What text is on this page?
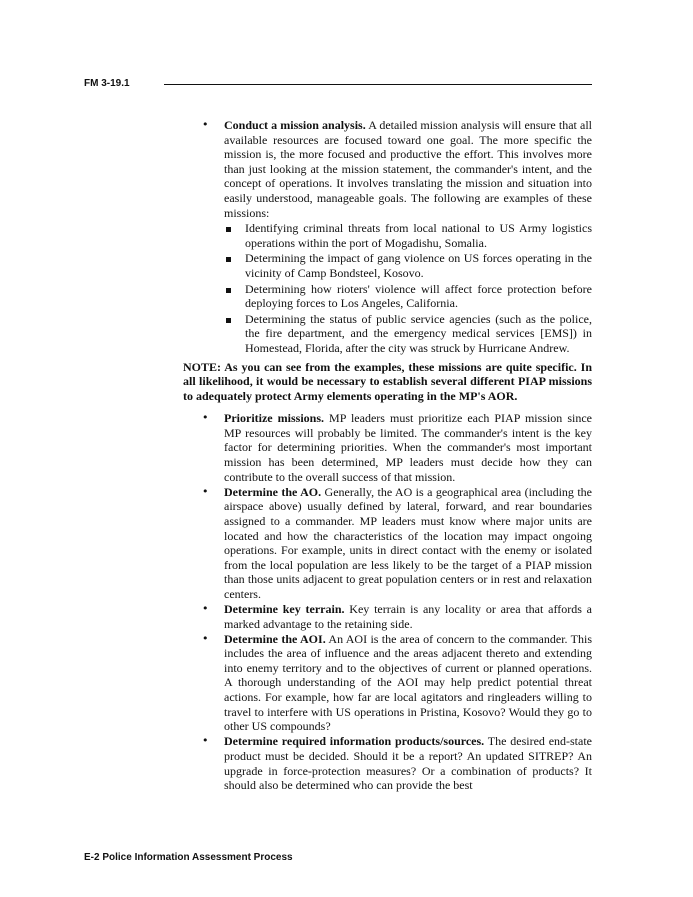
FM 3-19.1
• Conduct a mission analysis. A detailed mission analysis will ensure that all available resources are focused toward one goal. The more specific the mission is, the more focused and productive the effort. This involves more than just looking at the mission statement, the commander's intent, and the concept of operations. It involves translating the mission and situation into easily understood, manageable goals. The following are examples of these missions:
Identifying criminal threats from local national to US Army logistics operations within the port of Mogadishu, Somalia.
Determining the impact of gang violence on US forces operating in the vicinity of Camp Bondsteel, Kosovo.
Determining how rioters' violence will affect force protection before deploying forces to Los Angeles, California.
Determining the status of public service agencies (such as the police, the fire department, and the emergency medical services [EMS]) in Homestead, Florida, after the city was struck by Hurricane Andrew.

NOTE: As you can see from the examples, these missions are quite specific. In all likelihood, it would be necessary to establish several different PIAP missions to adequately protect Army elements operating in the MP's AOR.

• Prioritize missions. MP leaders must prioritize each PIAP mission since MP resources will probably be limited. The commander's intent is the key factor for determining priorities. When the commander's most important mission has been determined, MP leaders must decide how they can contribute to the overall success of that mission.
• Determine the AO. Generally, the AO is a geographical area (including the airspace above) usually defined by lateral, forward, and rear boundaries assigned to a commander. MP leaders must know where major units are located and how the characteristics of the location may impact ongoing operations. For example, units in direct contact with the enemy or isolated from the local population are less likely to be the target of a PIAP mission than those units adjacent to great population centers or in rest and relaxation centers.
• Determine key terrain. Key terrain is any locality or area that affords a marked advantage to the retaining side.
• Determine the AOI. An AOI is the area of concern to the commander. This includes the area of influence and the areas adjacent thereto and extending into enemy territory and to the objectives of current or planned operations. A thorough understanding of the AOI may help predict potential threat actions. For example, how far are local agitators and ringleaders willing to travel to interfere with US operations in Pristina, Kosovo? Would they go to other US compounds?
• Determine required information products/sources. The desired end-state product must be decided. Should it be a report? An updated SITREP? An upgrade in force-protection measures? Or a combination of products? It should also be determined who can provide the best
E-2 Police Information Assessment Process
